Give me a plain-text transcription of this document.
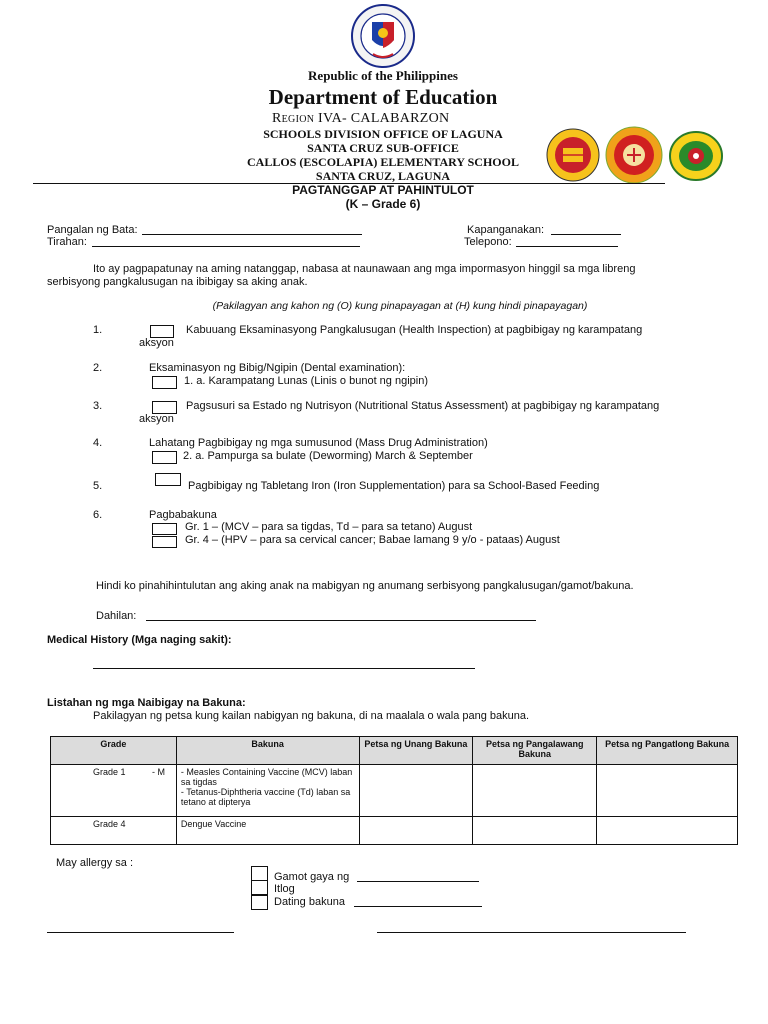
Republic of the Philippines
Department of Education
Region IVA- CALABARZON
SCHOOLS DIVISION OFFICE OF LAGUNA
SANTA CRUZ SUB-OFFICE
CALLOS (ESCOLAPIA) ELEMENTARY SCHOOL
SANTA CRUZ, LAGUNA
PAGTANGGAP AT PAHINTULOT
(K – Grade 6)
Pangalan ng Bata:	Kapanganakan:
Tirahan:	Telepono:
Ito ay pagpapatunay na aming natanggap, nabasa at naunawaan ang mga impormasyon hinggil sa mga libreng serbisyong pangkalusugan na ibibigay sa aking anak.
(Pakilagyan ang kahon ng (O) kung pinapayagan at (H) kung hindi pinapayagan)
1.	Kabuuang Eksaminasyong Pangkalusugan (Health Inspection) at pagbibigay ng karampatang
aksyon
2.	Eksaminasyon ng Bibig/Ngipin (Dental examination):
1. a. Karampatang Lunas (Linis o bunot ng ngipin)
3.	Pagsusuri sa Estado ng Nutrisyon (Nutritional Status Assessment) at pagbibigay ng karampatang
aksyon
4.	Lahatang Pagbibigay ng mga sumusunod (Mass Drug Administration)
2. a. Pampurga sa bulate (Deworming) March & September
5.	Pagbibigay ng Tabletang Iron (Iron Supplementation) para sa School-Based Feeding
6.	Pagbabakuna
Gr. 1 – (MCV – para sa tigdas, Td – para sa tetano) August
Gr. 4 – (HPV – para sa cervical cancer; Babae lamang 9 y/o - pataas) August
Hindi ko pinahihintulutan ang aking anak na mabigyan ng anumang serbisyong pangkalusugan/gamot/bakuna.
Dahilan:
Medical History (Mga naging sakit):
Listahan ng mga Naibigay na Bakuna:
Pakilagyan ng petsa kung kailan nabigyan ng bakuna, di na maalala o wala pang bakuna.
Grade	Bakuna	Petsa ng Unang Bakuna	Petsa ng Pangalawang Bakuna	Petsa ng Pangatlong Bakuna
Grade 1 - M	- Measles Containing Vaccine (MCV) laban sa tigdas
- Tetanus-Diphtheria vaccine (Td) laban sa tetano at dipterya			

Grade 4	Dengue Vaccine			

May allergy sa :
Gamot gaya ng
Itlog
Dating bakuna
